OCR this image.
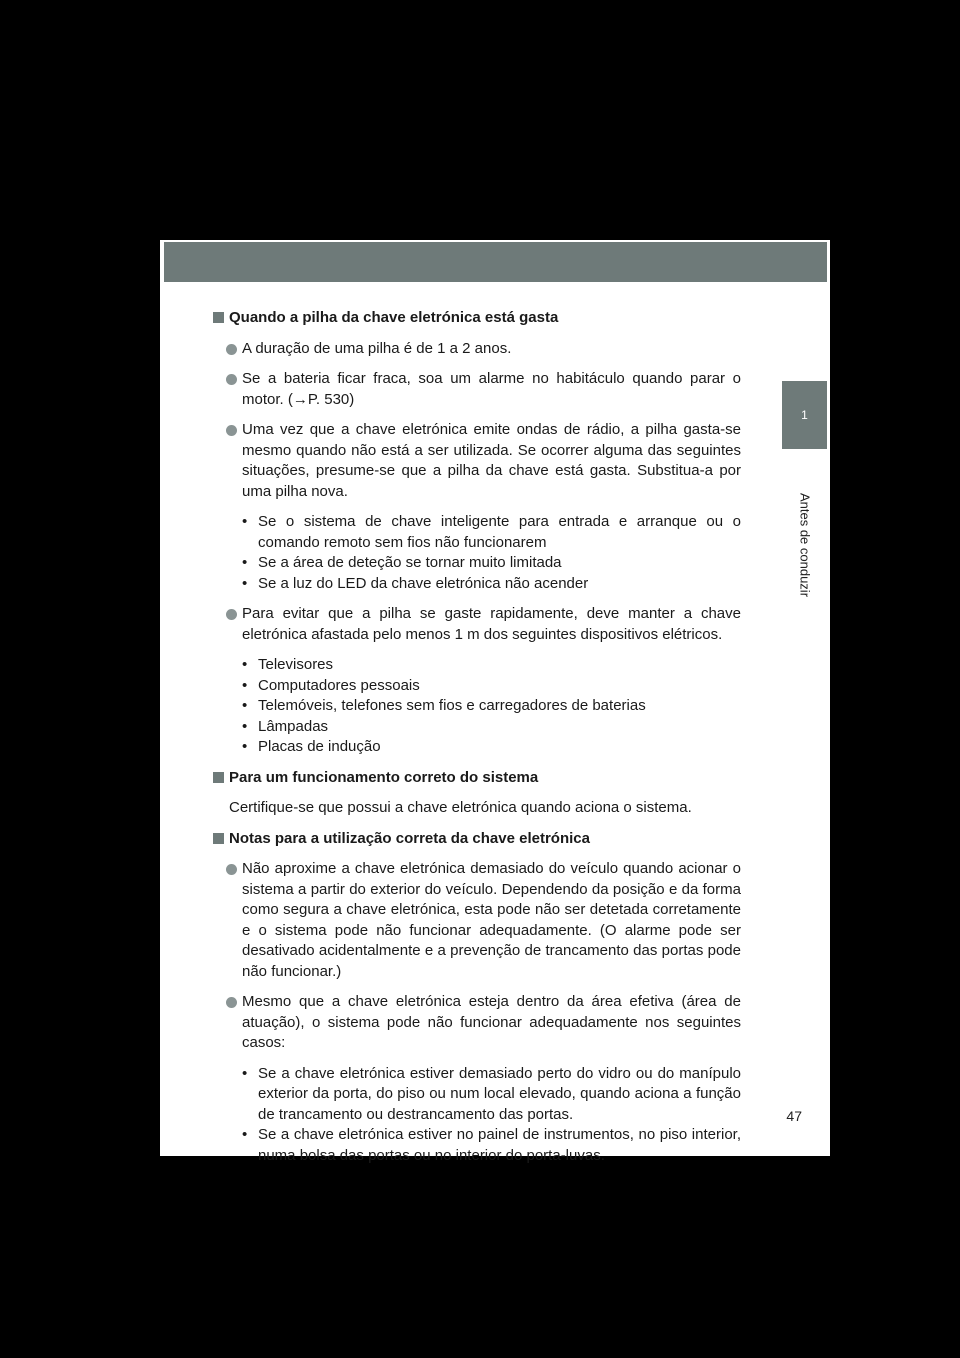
1
Antes de conduzir
Quando a pilha da chave eletrónica está gasta
A duração de uma pilha é de 1 a 2 anos.
Se a bateria ficar fraca, soa um alarme no habitáculo quando parar o motor. (→P. 530)
Uma vez que a chave eletrónica emite ondas de rádio, a pilha gasta-se mesmo quando não está a ser utilizada. Se ocorrer alguma das seguintes situações, presume-se que a pilha da chave está gasta. Substitua-a por uma pilha nova.
• Se o sistema de chave inteligente para entrada e arranque ou o comando remoto sem fios não funcionarem
• Se a área de deteção se tornar muito limitada
• Se a luz do LED da chave eletrónica não acender
Para evitar que a pilha se gaste rapidamente, deve manter a chave eletrónica afastada pelo menos 1 m dos seguintes dispositivos elétricos.
• Televisores
• Computadores pessoais
• Telemóveis, telefones sem fios e carregadores de baterias
• Lâmpadas
• Placas de indução
Para um funcionamento correto do sistema
Certifique-se que possui a chave eletrónica quando aciona o sistema.
Notas para a utilização correta da chave eletrónica
Não aproxime a chave eletrónica demasiado do veículo quando acionar o sistema a partir do exterior do veículo. Dependendo da posição e da forma como segura a chave eletrónica, esta pode não ser detetada corretamente e o sistema pode não funcionar adequadamente. (O alarme pode ser desativado acidentalmente e a prevenção de trancamento das portas pode não funcionar.)
Mesmo que a chave eletrónica esteja dentro da área efetiva (área de atuação), o sistema pode não funcionar adequadamente nos seguintes casos:
• Se a chave eletrónica estiver demasiado perto do vidro ou do manípulo exterior da porta, do piso ou num local elevado, quando aciona a função de trancamento ou destrancamento das portas.
• Se a chave eletrónica estiver no painel de instrumentos, no piso interior, numa bolsa das portas ou no interior do porta-luvas.
47
